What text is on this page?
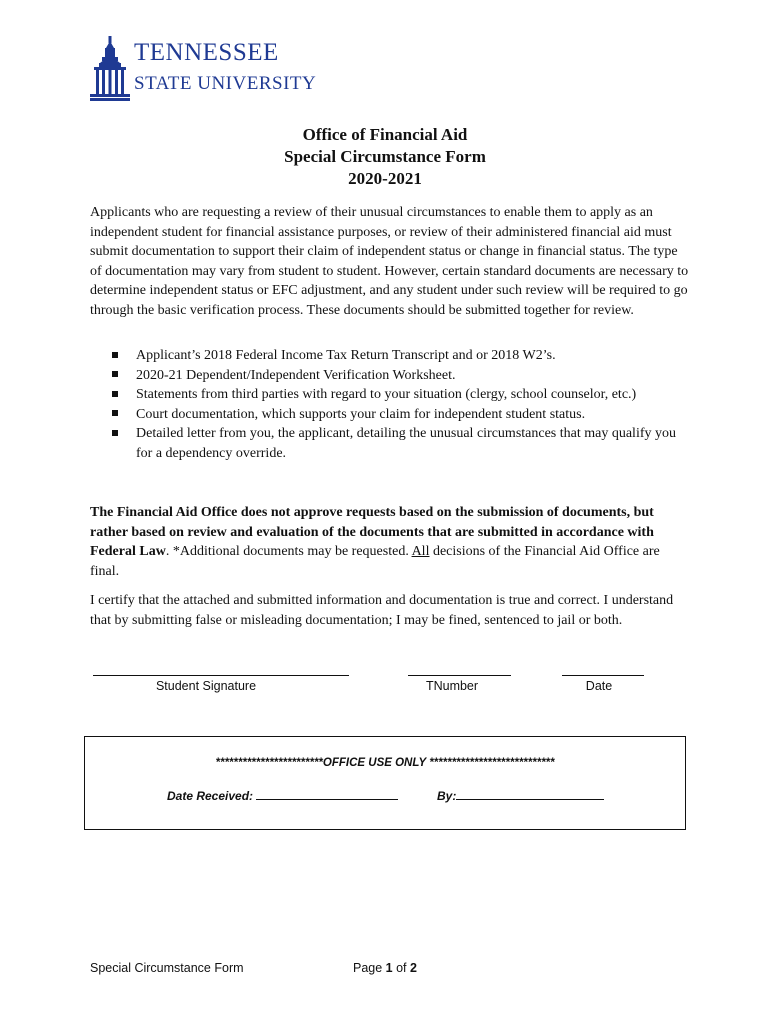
TENNESSEE
STATE UNIVERSITY
Office of Financial Aid
Special Circumstance Form
2020-2021

Applicants who are requesting a review of their unusual circumstances to enable them to apply as an independent student for financial assistance purposes, or review of their administered financial aid must submit documentation to support their claim of independent status or change in financial status. The type of documentation may vary from student to student. However, certain standard documents are necessary to determine independent status or EFC adjustment, and any student under such review will be required to go through the basic verification process. These documents should be submitted together for review.

Applicant’s 2018 Federal Income Tax Return Transcript and or 2018 W2’s.
2020-21 Dependent/Independent Verification Worksheet.
Statements from third parties with regard to your situation (clergy, school counselor, etc.)
Court documentation, which supports your claim for independent student status.
Detailed letter from you, the applicant, detailing the unusual circumstances that may qualify you for a dependency override.

The Financial Aid Office does not approve requests based on the submission of documents, but rather based on review and evaluation of the documents that are submitted in accordance with Federal Law. *Additional documents may be requested. All decisions of the Financial Aid Office are final.

I certify that the attached and submitted information and documentation is true and correct. I understand that by submitting false or misleading documentation; I may be fined, sentenced to jail or both.

Student Signature	TNumber	Date
************************OFFICE USE ONLY ****************************
Date Received:	By:
Special Circumstance Form	Page 1 of 2
